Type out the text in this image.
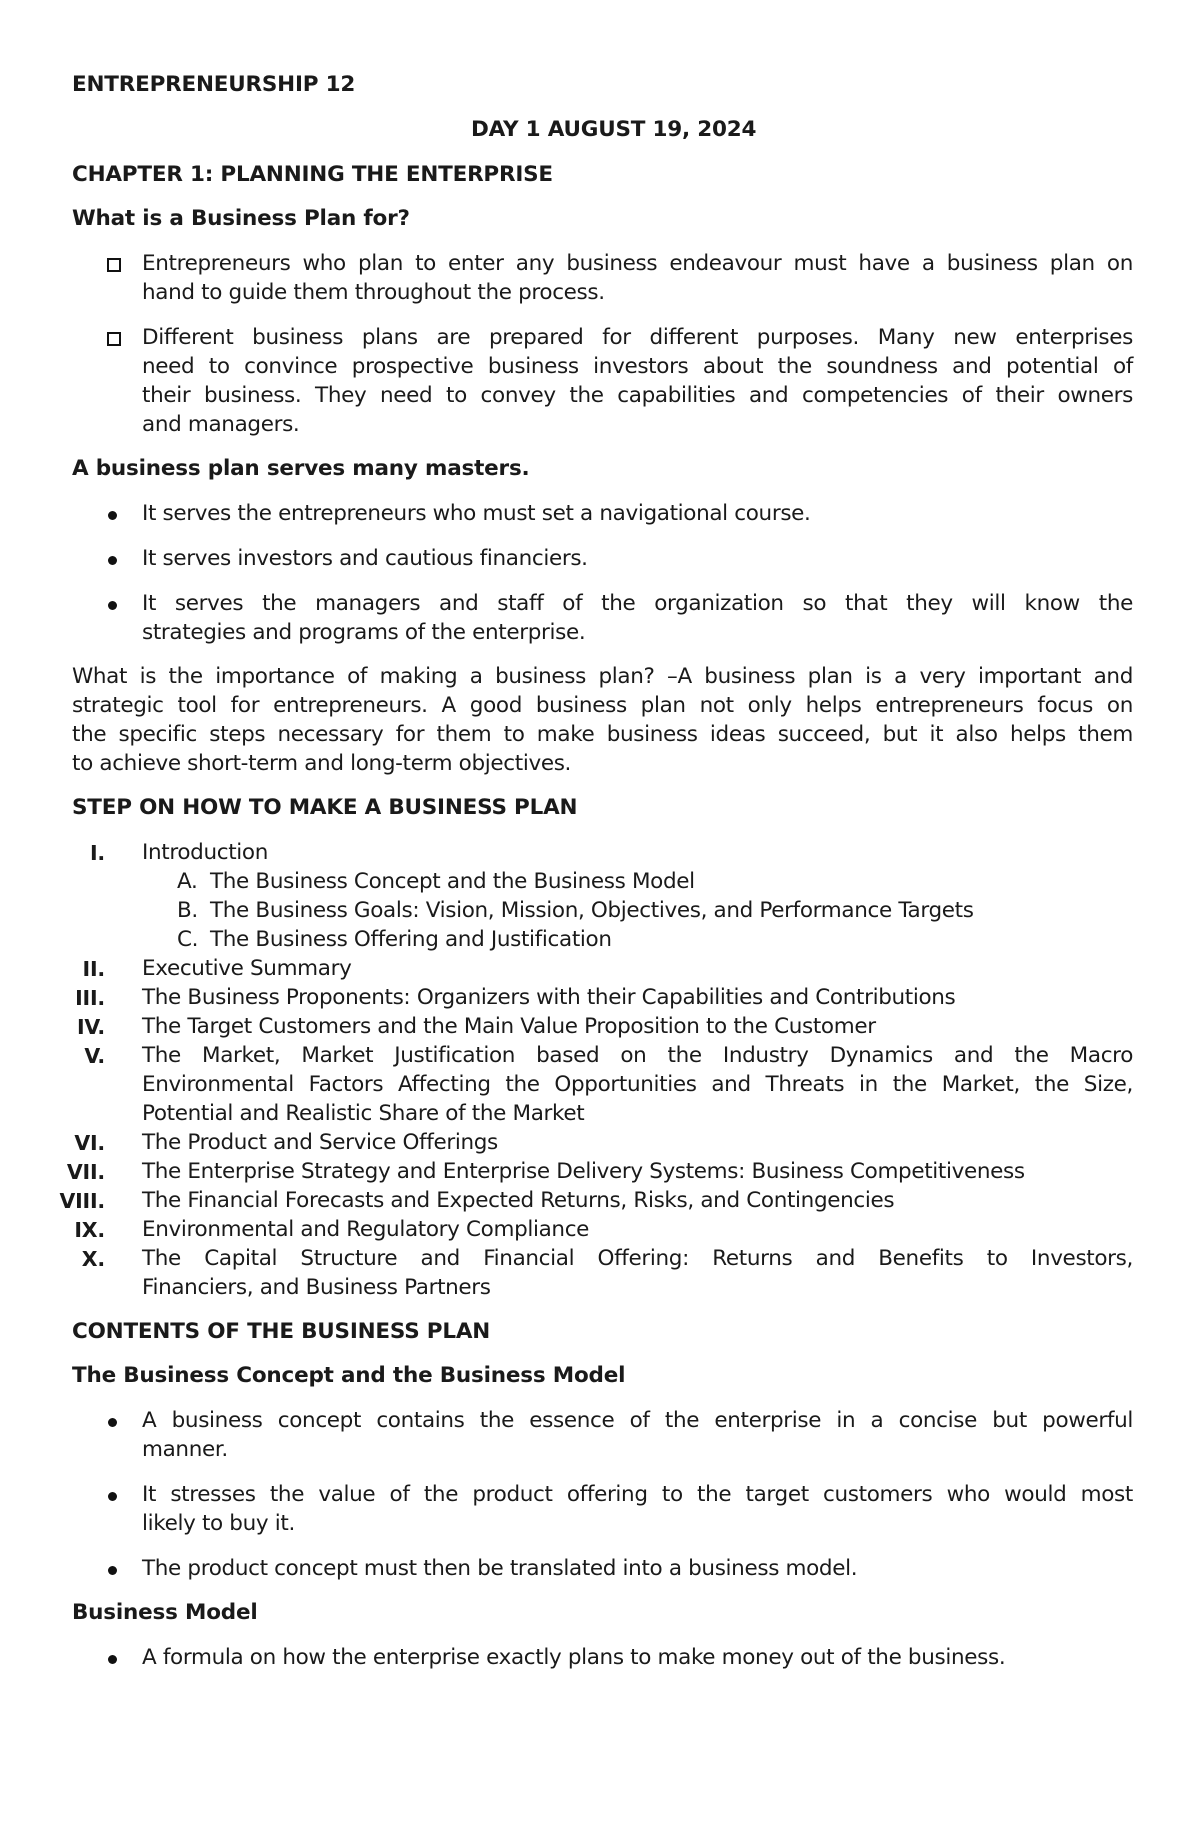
ENTREPRENEURSHIP 12
DAY 1 AUGUST 19, 2024
CHAPTER 1: PLANNING THE ENTERPRISE
What is a Business Plan for?
Entrepreneurs who plan to enter any business endeavour must have a business plan on
hand to guide them throughout the process.
Different business plans are prepared for different purposes. Many new enterprises
need to convince prospective business investors about the soundness and potential of
their business. They need to convey the capabilities and competencies of their owners
and managers.
A business plan serves many masters.
It serves the entrepreneurs who must set a navigational course.
It serves investors and cautious financiers.
It serves the managers and staff of the organization so that they will know the
strategies and programs of the enterprise.
What is the importance of making a business plan? –A business plan is a very important and
strategic tool for entrepreneurs. A good business plan not only helps entrepreneurs focus on
the specific steps necessary for them to make business ideas succeed, but it also helps them
to achieve short-term and long-term objectives.
STEP ON HOW TO MAKE A BUSINESS PLAN
I. Introduction
A. The Business Concept and the Business Model
B. The Business Goals: Vision, Mission, Objectives, and Performance Targets
C. The Business Offering and Justification
II. Executive Summary
III. The Business Proponents: Organizers with their Capabilities and Contributions
IV. The Target Customers and the Main Value Proposition to the Customer
V. The Market, Market Justification based on the Industry Dynamics and the Macro
Environmental Factors Affecting the Opportunities and Threats in the Market, the Size,
Potential and Realistic Share of the Market
VI. The Product and Service Offerings
VII. The Enterprise Strategy and Enterprise Delivery Systems: Business Competitiveness
VIII. The Financial Forecasts and Expected Returns, Risks, and Contingencies
IX. Environmental and Regulatory Compliance
X. The Capital Structure and Financial Offering: Returns and Benefits to Investors,
Financiers, and Business Partners
CONTENTS OF THE BUSINESS PLAN
The Business Concept and the Business Model
A business concept contains the essence of the enterprise in a concise but powerful
manner.
It stresses the value of the product offering to the target customers who would most
likely to buy it.
The product concept must then be translated into a business model.
Business Model
A formula on how the enterprise exactly plans to make money out of the business.
